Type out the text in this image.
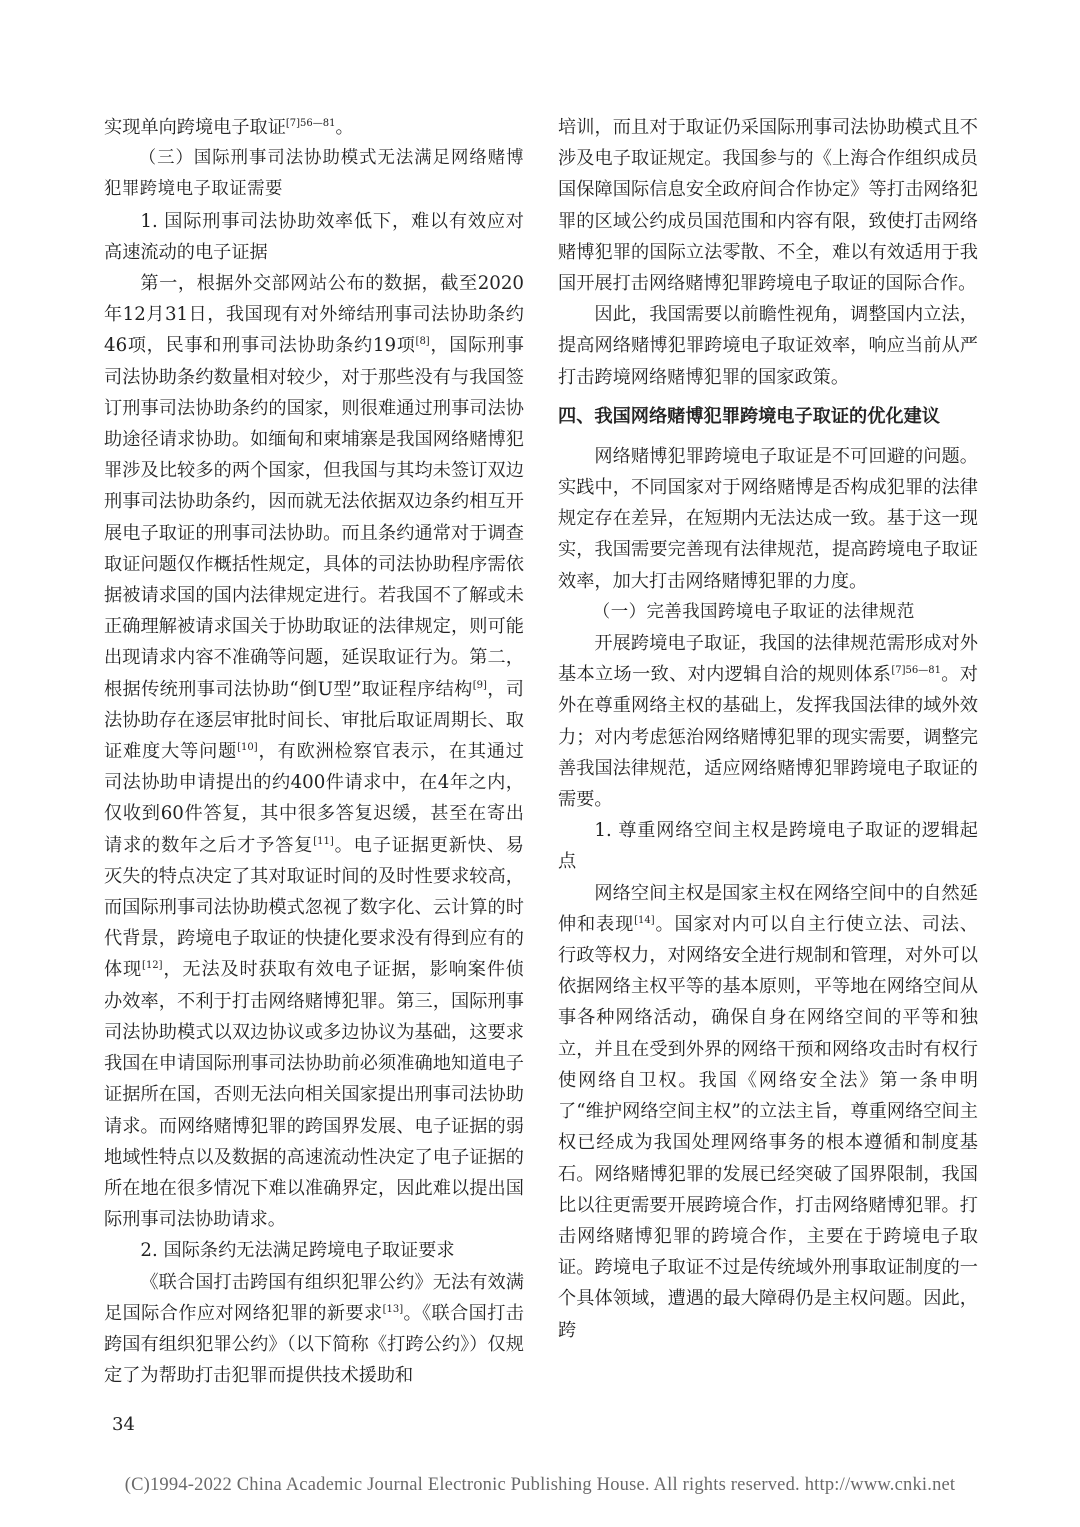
实现单向跨境电子取证$^{[7]56—81}$。

（三）国际刑事司法协助模式无法满足网络赌博犯罪跨境电子取证需要

1. 国际刑事司法协助效率低下，难以有效应对高速流动的电子证据

第一，根据外交部网站公布的数据，截至2020年12月31日，我国现有对外缔结刑事司法协助条约46项，民事和刑事司法协助条约19项[8]，国际刑事司法协助条约数量相对较少，对于那些没有与我国签订刑事司法协助条约的国家，则很难通过刑事司法协助途径请求协助。如缅甸和柬埔寨是我国网络赌博犯罪涉及比较多的两个国家，但我国与其均未签订双边刑事司法协助条约，因而就无法依据双边条约相互开展电子取证的刑事司法协助。而且条约通常对于调查取证问题仅作概括性规定，具体的司法协助程序需依据被请求国的国内法律规定进行。若我国不了解或未正确理解被请求国关于协助取证的法律规定，则可能出现请求内容不准确等问题，延误取证行为。第二，根据传统刑事司法协助“倒U型”取证程序结构[9]，司法协助存在逐层审批时间长、审批后取证周期长、取证难度大等问题[10]，有欧洲检察官表示，在其通过司法协助申请提出的约400件请求中，在4年之内，仅收到60件答复，其中很多答复迟缓，甚至在寄出请求的数年之后才予答复[11]。电子证据更新快、易灭失的特点决定了其对取证时间的及时性要求较高，而国际刑事司法协助模式忽视了数字化、云计算的时代背景，跨境电子取证的快捷化要求没有得到应有的体现[12]，无法及时获取有效电子证据，影响案件侦办效率，不利于打击网络赌博犯罪。第三，国际刑事司法协助模式以双边协议或多边协议为基础，这要求我国在申请国际刑事司法协助前必须准确地知道电子证据所在国，否则无法向相关国家提出刑事司法协助请求。而网络赌博犯罪的跨国界发展、电子证据的弱地域性特点以及数据的高速流动性决定了电子证据的所在地在很多情况下难以准确界定，因此难以提出国际刑事司法协助请求。

2. 国际条约无法满足跨境电子取证要求

《联合国打击跨国有组织犯罪公约》无法有效满足国际合作应对网络犯罪的新要求[13]。《联合国打击跨国有组织犯罪公约》（以下简称《打跨公约》）仅规定了为帮助打击犯罪而提供技术援助和

培训，而且对于取证仍采国际刑事司法协助模式且不涉及电子取证规定。我国参与的《上海合作组织成员国保障国际信息安全政府间合作协定》等打击网络犯罪的区域公约成员国范围和内容有限，致使打击网络赌博犯罪的国际立法零散、不全，难以有效适用于我国开展打击网络赌博犯罪跨境电子取证的国际合作。

因此，我国需要以前瞻性视角，调整国内立法，提高网络赌博犯罪跨境电子取证效率，响应当前从严打击跨境网络赌博犯罪的国家政策。

四、我国网络赌博犯罪跨境电子取证的优化建议

网络赌博犯罪跨境电子取证是不可回避的问题。实践中，不同国家对于网络赌博是否构成犯罪的法律规定存在差异，在短期内无法达成一致。基于这一现实，我国需要完善现有法律规范，提高跨境电子取证效率，加大打击网络赌博犯罪的力度。

（一）完善我国跨境电子取证的法律规范

开展跨境电子取证，我国的法律规范需形成对外基本立场一致、对内逻辑自洽的规则体系$^{[7]56—81}$。对外在尊重网络主权的基础上，发挥我国法律的域外效力；对内考虑惩治网络赌博犯罪的现实需要，调整完善我国法律规范，适应网络赌博犯罪跨境电子取证的需要。

1. 尊重网络空间主权是跨境电子取证的逻辑起点

网络空间主权是国家主权在网络空间中的自然延伸和表现[14]。国家对内可以自主行使立法、司法、行政等权力，对网络安全进行规制和管理，对外可以依据网络主权平等的基本原则，平等地在网络空间从事各种网络活动，确保自身在网络空间的平等和独立，并且在受到外界的网络干预和网络攻击时有权行使网络自卫权。我国《网络安全法》第一条申明了“维护网络空间主权”的立法主旨，尊重网络空间主权已经成为我国处理网络事务的根本遵循和制度基石。网络赌博犯罪的发展已经突破了国界限制，我国比以往更需要开展跨境合作，打击网络赌博犯罪。打击网络赌博犯罪的跨境合作，主要在于跨境电子取证。跨境电子取证不过是传统域外刑事取证制度的一个具体领域，遭遇的最大障碍仍是主权问题。因此，跨

34
(C)1994-2022 China Academic Journal Electronic Publishing House. All rights reserved. http://www.cnki.net
